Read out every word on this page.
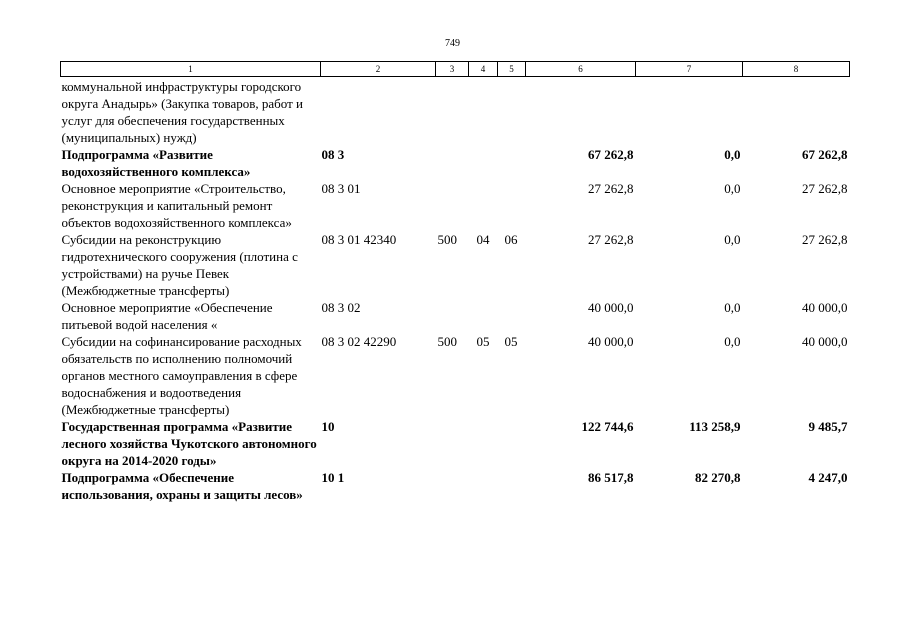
749
1	2	3	4	5	6	7	8
коммунальной инфраструктуры городского округа Анадырь» (Закупка товаров, работ и услуг для обеспечения государственных (муниципальных) нужд)							
Подпрограмма «Развитие водохозяйственного комплекса»	08 3				67 262,8	0,0	67 262,8
Основное мероприятие «Строительство, реконструкция и капитальный ремонт объектов водохозяйственного комплекса»	08 3 01				27 262,8	0,0	27 262,8
Субсидии на реконструкцию гидротехнического сооружения (плотина с устройствами) на ручье Певек (Межбюджетные трансферты)	08 3 01 42340	500	04	06	27 262,8	0,0	27 262,8
Основное мероприятие «Обеспечение питьевой водой населения «	08 3 02				40 000,0	0,0	40 000,0
Субсидии на софинансирование расходных обязательств по исполнению полномочий органов местного самоуправления в сфере водоснабжения и водоотведения (Межбюджетные трансферты)	08 3 02 42290	500	05	05	40 000,0	0,0	40 000,0
Государственная программа «Развитие лесного хозяйства Чукотского автономного округа на 2014-2020 годы»	10				122 744,6	113 258,9	9 485,7
Подпрограмма «Обеспечение использования, охраны и защиты лесов»	10 1				86 517,8	82 270,8	4 247,0
